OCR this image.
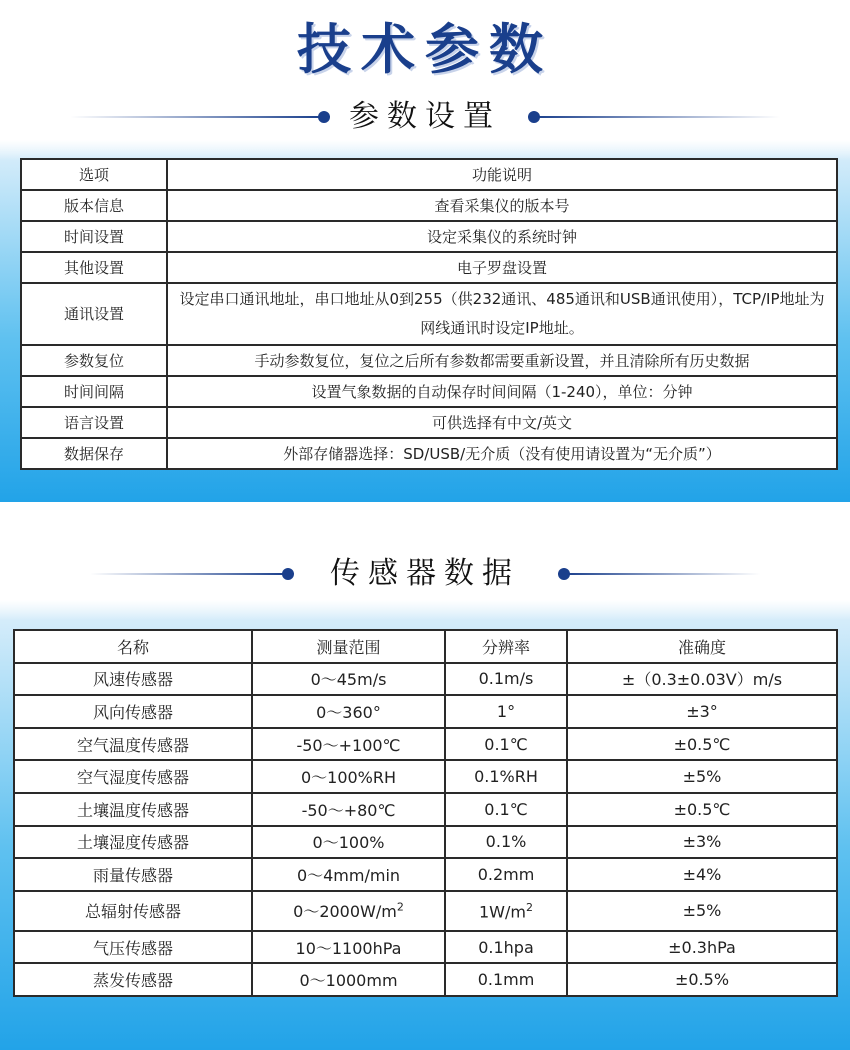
技术参数
参数设置
选项	功能说明
版本信息	查看采集仪的版本号
时间设置	设定采集仪的系统时钟
其他设置	电子罗盘设置
通讯设置	设定串口通讯地址，串口地址从0到255（供232通讯、485通讯和USB通讯使用），TCP/IP地址为网线通讯时设定IP地址。
参数复位	手动参数复位，复位之后所有参数都需要重新设置，并且清除所有历史数据
时间间隔	设置气象数据的自动保存时间间隔（1-240），单位：分钟
语言设置	可供选择有中文/英文
数据保存	外部存储器选择：SD/USB/无介质（没有使用请设置为“无介质”）
传感器数据
名称	测量范围	分辨率	准确度
风速传感器	0～45m/s	0.1m/s	±（0.3±0.03V）m/s
风向传感器	0～360°	1°	±3°
空气温度传感器	-50～+100℃	0.1℃	±0.5℃
空气湿度传感器	0～100%RH	0.1%RH	±5%
土壤温度传感器	-50～+80℃	0.1℃	±0.5℃
土壤湿度传感器	0～100%	0.1%	±3%
雨量传感器	0～4mm/min	0.2mm	±4%
总辐射传感器	$0\sim 2000W/m^2$	$1W/m^2$	±5%
气压传感器	10～1100hPa	0.1hpa	±0.3hPa
蒸发传感器	0～1000mm	0.1mm	±0.5%
